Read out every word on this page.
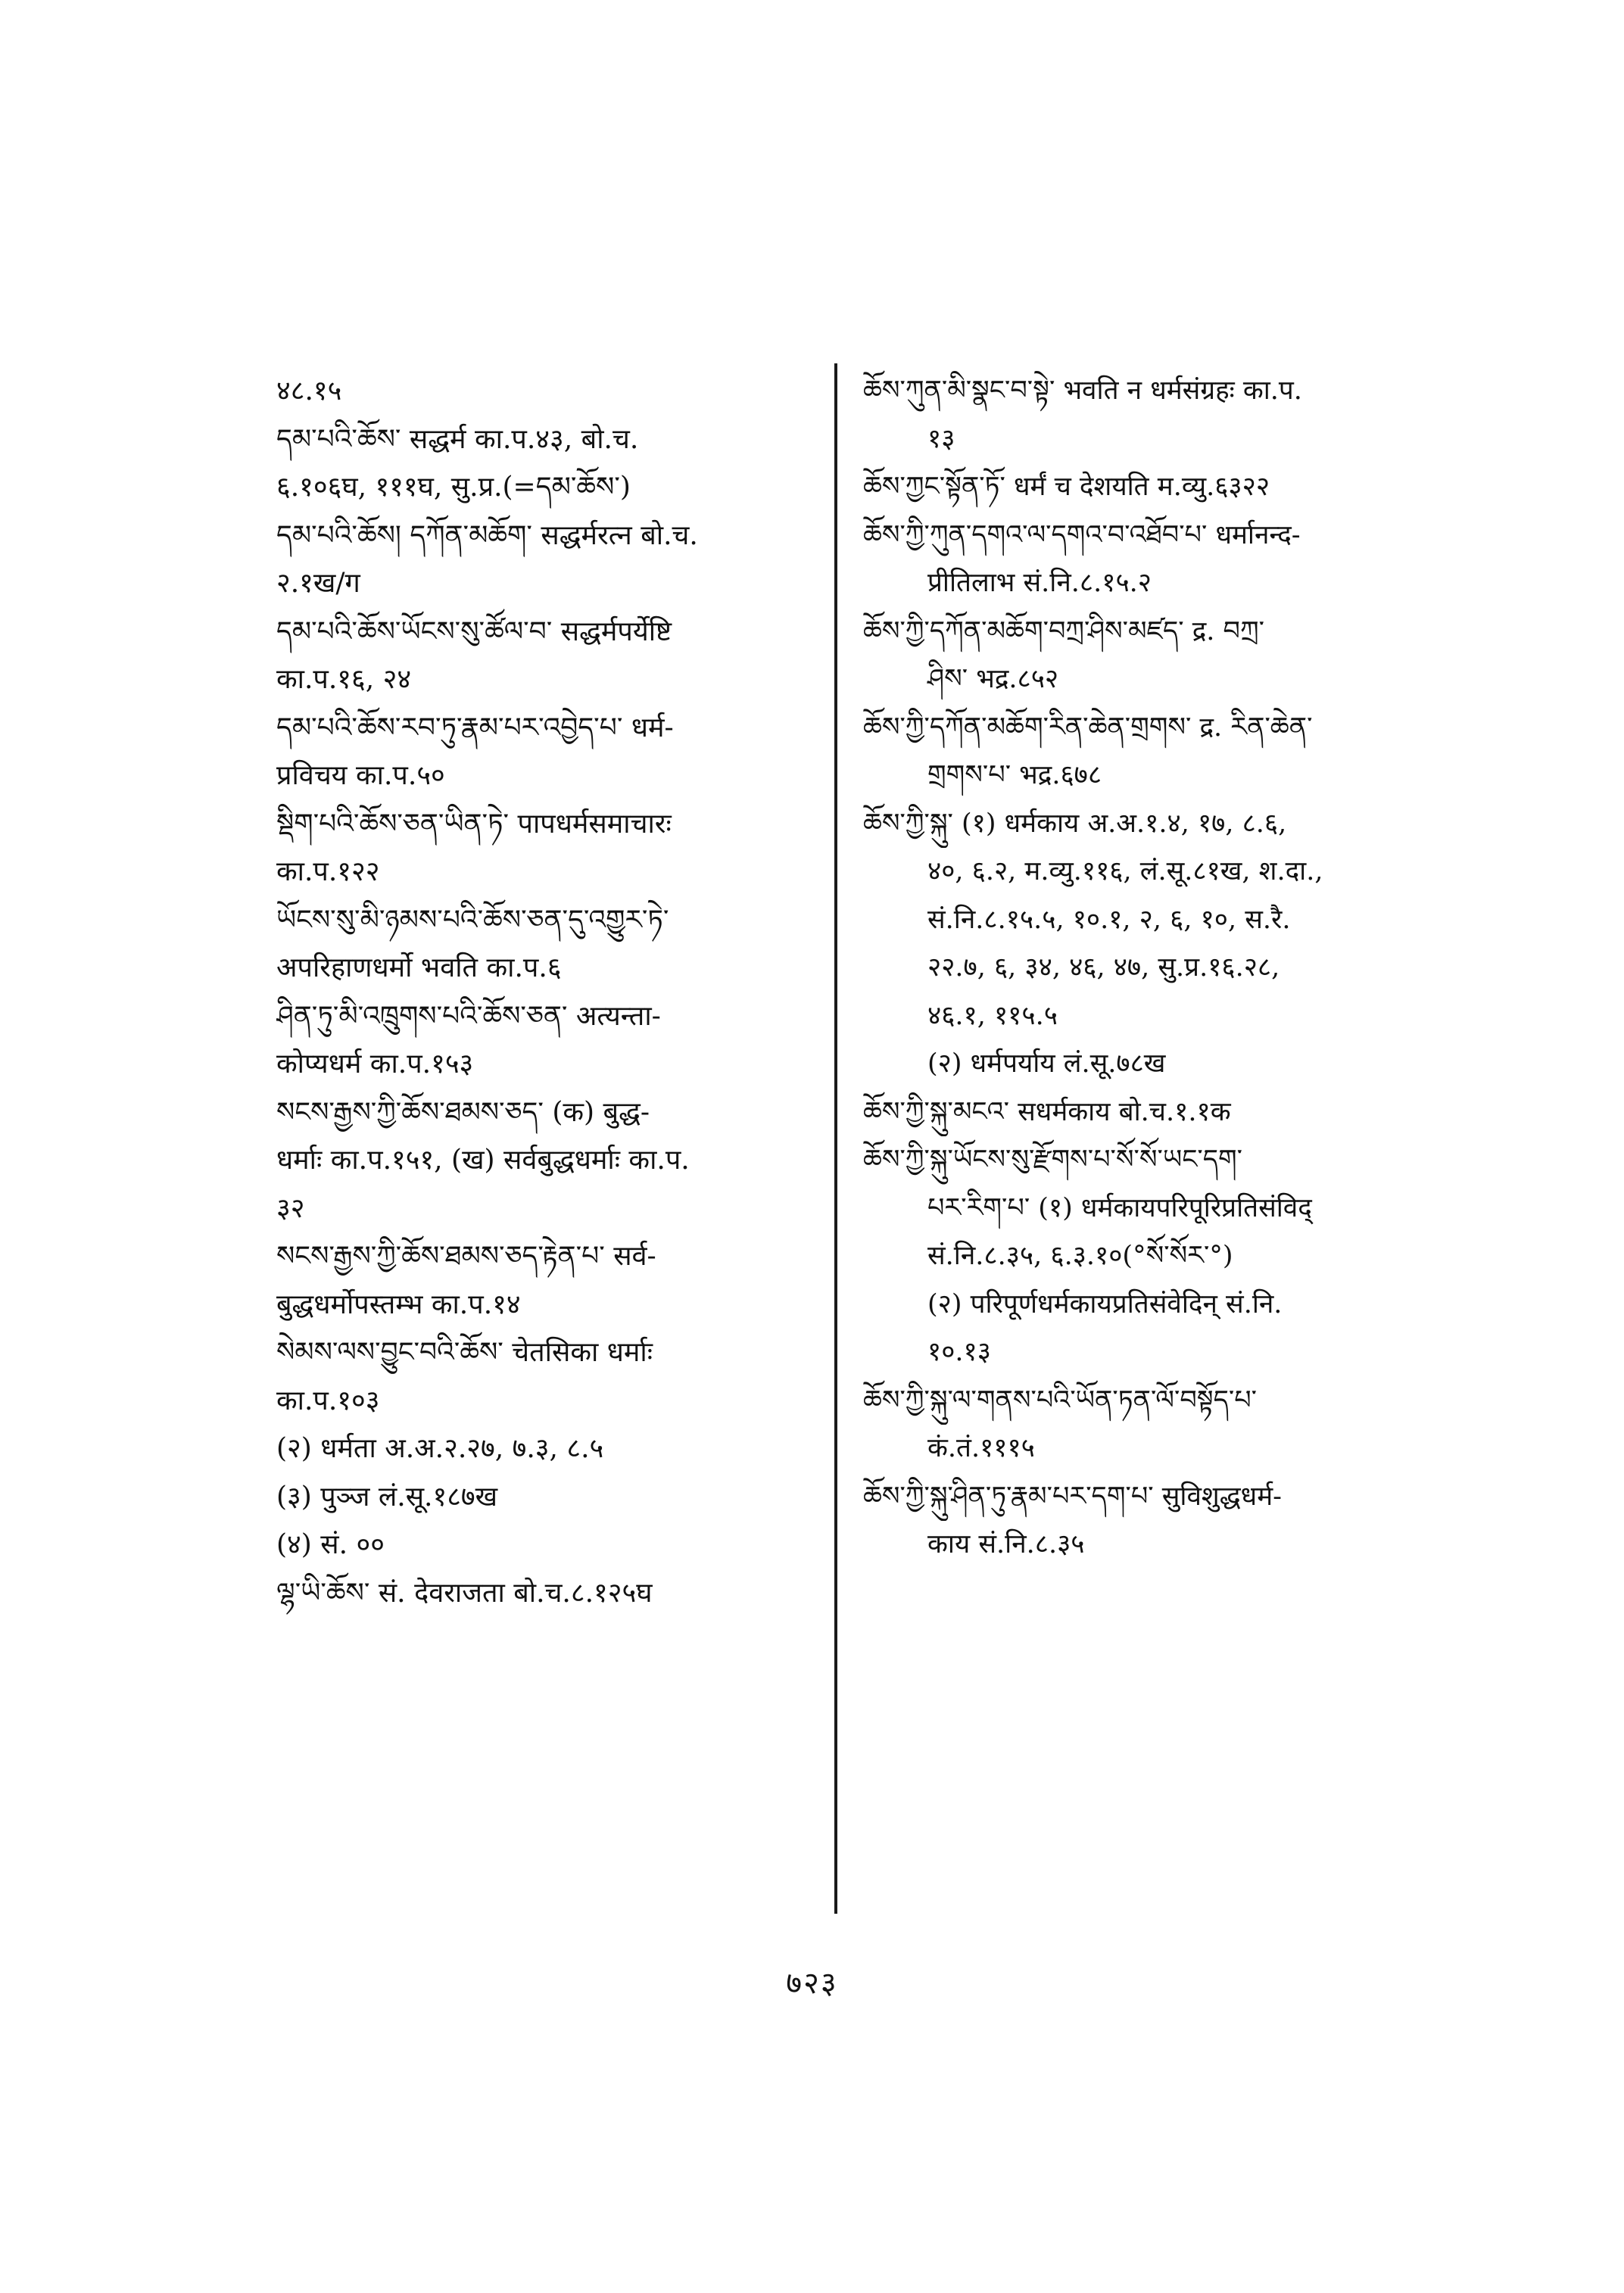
४८.१५
དམ་པའི་ཆོས་ सद्धर्म का.प.४३, बो.च.
६.१०६घ, १११घ, सु.प्र.(=དམ་ཆོས་)
དམ་པའི་ཆོས། དཀོན་མཆོག་ सद्धर्मरत्न बो.च.
२.१ख/ग
དམ་པའི་ཆོས་ཡོངས་སུ་ཚོལ་བ་ सद्धर्मपर्येष्टि
का.प.१६, २४
དམ་པའི་ཆོས་རབ་ཏུ་རྣམ་པར་འབྱེད་པ་ धर्म-
प्रविचय का.प.५०
སྡིག་པའི་ཆོས་ཅན་ཡིན་ཏེ་ पापधर्मसमाचारः
का.प.१२२
ཡོངས་སུ་མི་ཉམས་པའི་ཆོས་ཅན་དུ་འགྱུར་ཏེ་
अपरिहाणधर्मो भवति का.प.६
ཤིན་ཏུ་མི་འཁྲུགས་པའི་ཆོས་ཅན་ अत्यन्ता-
कोप्यधर्म का.प.१५३
སངས་རྒྱས་ཀྱི་ཆོས་ཐམས་ཅད་ (क) बुद्ध-
धर्माः का.प.१५१, (ख) सर्वबुद्धधर्माः का.प.
३२
སངས་རྒྱས་ཀྱི་ཆོས་ཐམས་ཅད་རྟེན་པ་ सर्व-
बुद्धधर्मोपस्तम्भ का.प.१४
སེམས་ལས་བྱུང་བའི་ཆོས་ चेतसिका धर्माः
का.प.१०३
(२) धर्मता अ.अ.२.२७, ७.३, ८.५
(३) पुञ्ज लं.सू.१८७ख
(४) सं. ००
ལྷ་ཡི་ཆོས་ सं. देवराजता बो.च.८.१२५घ
ཆོས་ཀུན་མི་སྣང་བ་སྟེ་ भवति न धर्मसंग्रहः का.प.
१३
ཆོས་ཀྱང་སྟོན་ཏོ་ धर्मं च देशयति म.व्यु.६३२२
ཆོས་ཀྱི་ཀུན་དགའ་ལ་དགའ་བ་འཐོབ་པ་ धर्मानन्द-
प्रीतिलाभ सं.नि.८.१५.२
ཆོས་ཀྱི་དཀོན་མཆོག་བཀྲ་ཤིས་མཛད་ द्र. བཀྲ་
ཤིས་ भद्र.८५२
ཆོས་ཀྱི་དཀོན་མཆོག་རིན་ཆེན་གྲགས་ द्र. རིན་ཆེན་
གྲགས་པ་ भद्र.६७८
ཆོས་ཀྱི་སྐུ་ (१) धर्मकाय अ.अ.१.४, १७, ८.६,
४०, ६.२, म.व्यु.११६, लं.सू.८१ख, श.दा.,
सं.नि.८.१५.५, १०.१, २, ६, १०, स.रै.
२२.७, ६, ३४, ४६, ४७, सु.प्र.१६.२८,
४६.१, ११५.५
(२) धर्मपर्याय लं.सू.७८ख
ཆོས་ཀྱི་སྐུ་མངའ་ सधर्मकाय बो.च.१.१क
ཆོས་ཀྱི་སྐུ་ཡོངས་སུ་རྫོགས་པ་སོ་སོ་ཡང་དག་
པར་རིག་པ་ (१) धर्मकायपरिपूरिप्रतिसंविद्
सं.नि.८.३५, ६.३.१०(°སོ་སོར་°)
(२) परिपूर्णधर्मकायप्रतिसंवेदिन् सं.नि.
१०.१३
ཆོས་ཀྱི་སྐུ་ལ་གནས་པའི་ཡོན་ཏན་ལོ་བསྟོད་པ་
कं.तं.१११५
ཆོས་ཀྱི་སྐུ་ཤིན་ཏུ་རྣམ་པར་དག་པ་ सुविशुद्धधर्म-
काय सं.नि.८.३५
७२३
